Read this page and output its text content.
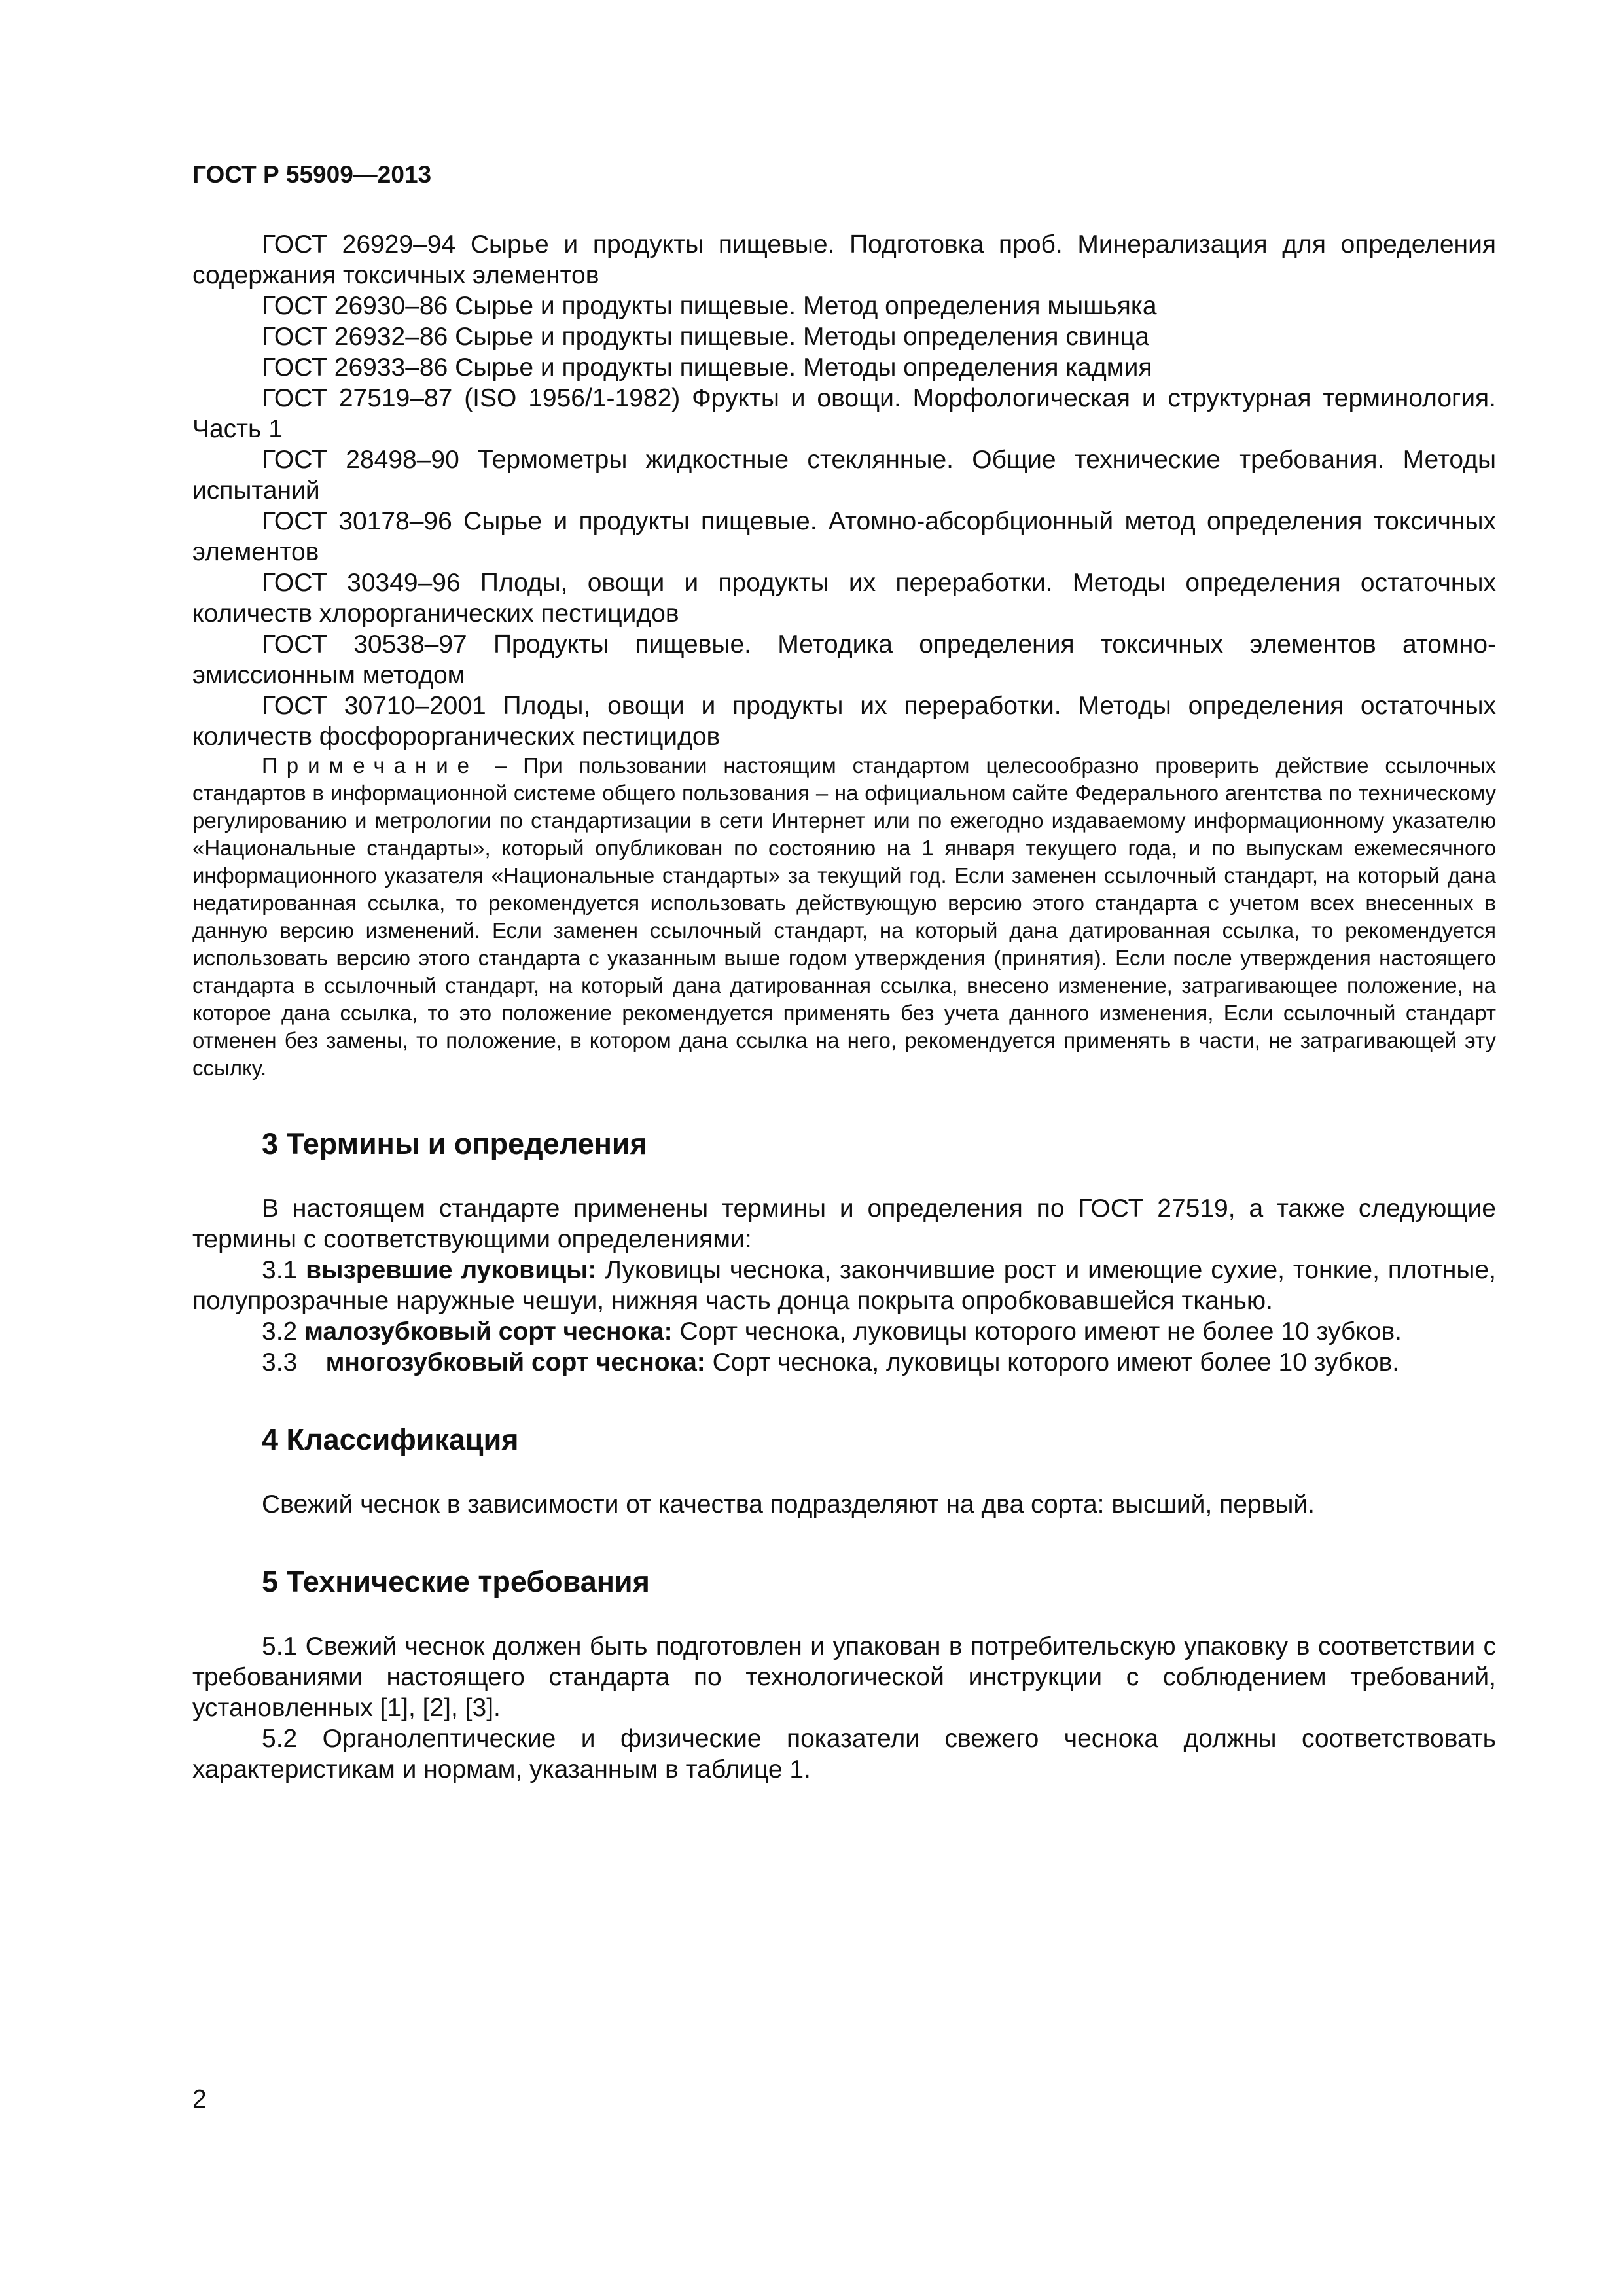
ГОСТ Р 55909—2013

ГОСТ 26929–94 Сырье и продукты пищевые. Подготовка проб. Минерализация для определения содержания токсичных элементов

ГОСТ 26930–86 Сырье и продукты пищевые. Метод определения мышьяка

ГОСТ 26932–86 Сырье и продукты пищевые. Методы определения свинца

ГОСТ 26933–86 Сырье и продукты пищевые. Методы определения кадмия

ГОСТ 27519–87 (ISO 1956/1-1982) Фрукты и овощи. Морфологическая и структурная терминология. Часть 1

ГОСТ 28498–90 Термометры жидкостные стеклянные. Общие технические требования. Методы испытаний

ГОСТ 30178–96 Сырье и продукты пищевые. Атомно-абсорбционный метод определения токсичных элементов

ГОСТ 30349–96 Плоды, овощи и продукты их переработки. Методы определения остаточных количеств хлорорганических пестицидов

ГОСТ 30538–97 Продукты пищевые. Методика определения токсичных элементов атомно-эмиссионным методом

ГОСТ 30710–2001 Плоды, овощи и продукты их переработки. Методы определения остаточных количеств фосфорорганических пестицидов

Примечание – При пользовании настоящим стандартом целесообразно проверить действие ссылочных стандартов в информационной системе общего пользования – на официальном сайте Федерального агентства по техническому регулированию и метрологии по стандартизации в сети Интернет или по ежегодно издаваемому информационному указателю «Национальные стандарты», который опубликован по состоянию на 1 января текущего года, и по выпускам ежемесячного информационного указателя «Национальные стандарты» за текущий год. Если заменен ссылочный стандарт, на который дана недатированная ссылка, то рекомендуется использовать действующую версию этого стандарта с учетом всех внесенных в данную версию изменений. Если заменен ссылочный стандарт, на который дана датированная ссылка, то рекомендуется использовать версию этого стандарта с указанным выше годом утверждения (принятия). Если после утверждения настоящего стандарта в ссылочный стандарт, на который дана датированная ссылка, внесено изменение, затрагивающее положение, на которое дана ссылка, то это положение рекомендуется применять без учета данного изменения, Если ссылочный стандарт отменен без замены, то положение, в котором дана ссылка на него, рекомендуется применять в части, не затрагивающей эту ссылку.

3 Термины и определения

В настоящем стандарте применены термины и определения по ГОСТ 27519, а также следующие термины с соответствующими определениями:

3.1 вызревшие луковицы: Луковицы чеснока, закончившие рост и имеющие сухие, тонкие, плотные, полупрозрачные наружные чешуи, нижняя часть донца покрыта опробковавшейся тканью.

3.2 малозубковый сорт чеснока: Сорт чеснока, луковицы которого имеют не более 10 зубков.

3.3 многозубковый сорт чеснока: Сорт чеснока, луковицы которого имеют более 10 зубков.

4 Классификация

Свежий чеснок в зависимости от качества подразделяют на два сорта: высший, первый.

5 Технические требования

5.1 Свежий чеснок должен быть подготовлен и упакован в потребительскую упаковку в соответствии с требованиями настоящего стандарта по технологической инструкции с соблюдением требований, установленных [1], [2], [3].

5.2 Органолептические и физические показатели свежего чеснока должны соответствовать характеристикам и нормам, указанным в таблице 1.

2
